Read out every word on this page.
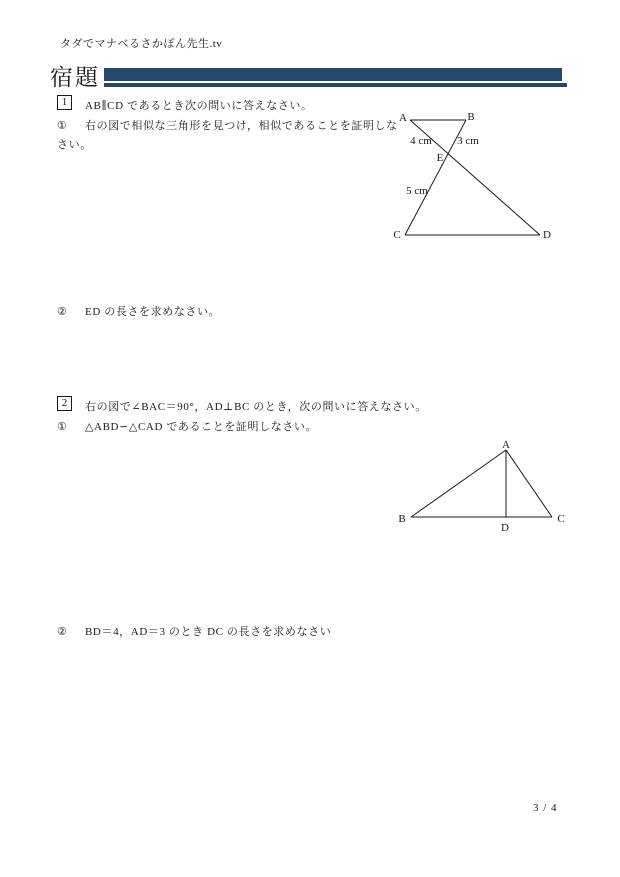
タダでマナベるさかぽん先生.tv
宿題
1	AB∥CD であるとき次の問いに答えなさい。
① 右の図で相似な三角形を見つけ，相似であることを証明しな
さい。
A	B
C	D
E
4 cm 3 cm
5 cm
② ED の長さを求めなさい。
2	右の図で∠BAC＝90°，AD⊥BC のとき，次の問いに答えなさい。
① △ABD∽△CAD であることを証明しなさい。
A
B	C
D
② BD＝4，AD＝3 のとき DC の長さを求めなさい
3 / 4
